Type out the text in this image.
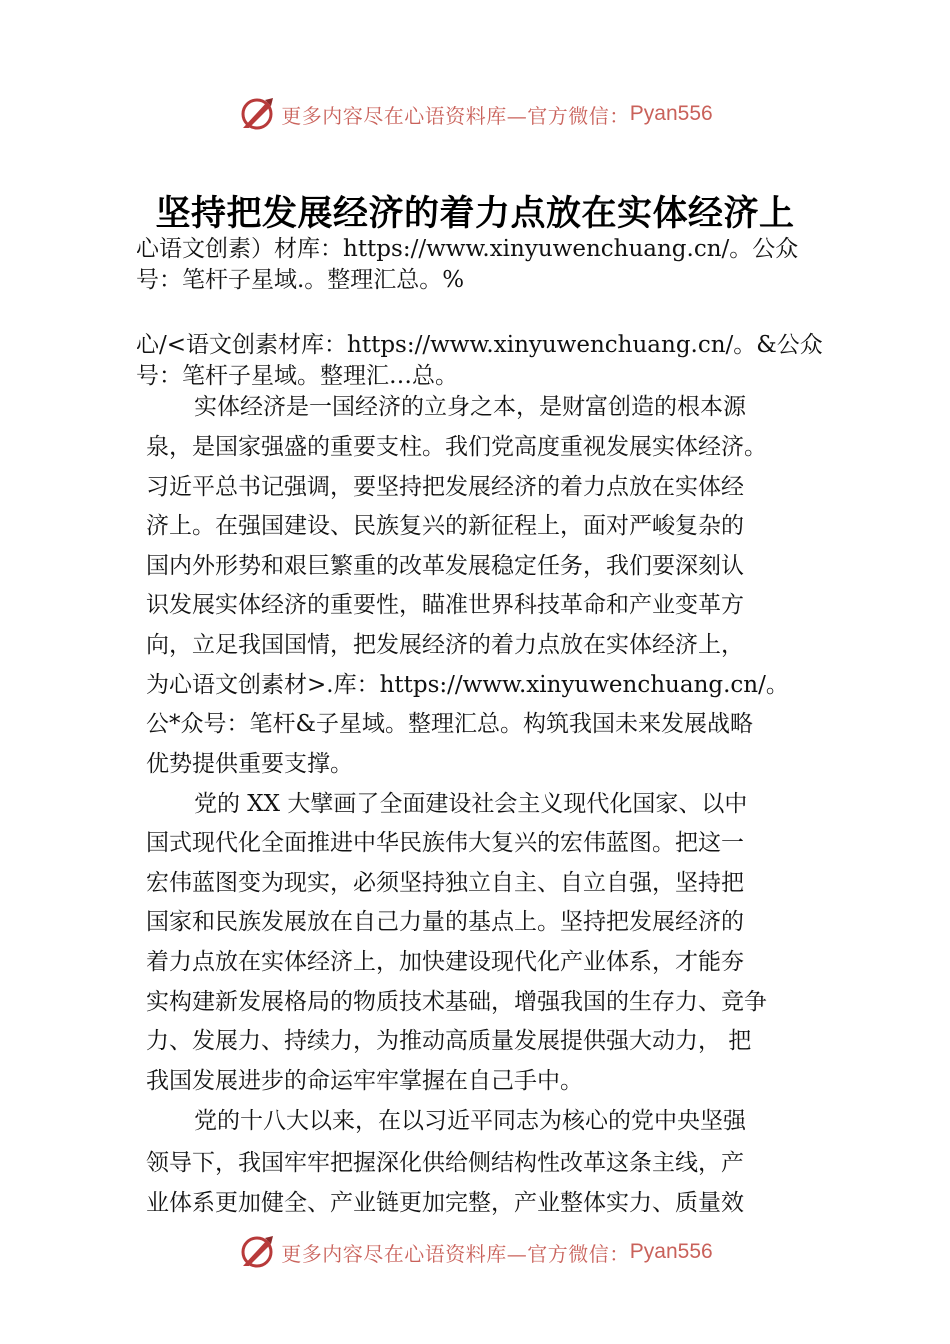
更多内容尽在心语资料库—官方微信： Pyan556
坚持把发展经济的着力点放在实体经济上
心语文创素）材库：https://www.xinyuwenchuang.cn/。公众号：笔杆子星域.。整理汇总。%
心/<语文创素材库：https://www.xinyuwenchuang.cn/。&公众号：笔杆子星域。整理汇…总。
实体经济是一国经济的立身之本，是财富创造的根本源
泉，是国家强盛的重要支柱。我们党高度重视发展实体经济。
习近平总书记强调，要坚持把发展经济的着力点放在实体经
济上。在强国建设、民族复兴的新征程上，面对严峻复杂的
国内外形势和艰巨繁重的改革发展稳定任务，我们要深刻认
识发展实体经济的重要性，瞄准世界科技革命和产业变革方
向，立足我国国情，把发展经济的着力点放在实体经济上，
为心语文创素材>.库：https://www.xinyuwenchuang.cn/。
公*众号：笔杆&子星域。整理汇总。构筑我国未来发展战略
优势提供重要支撑。
党的 XX 大擘画了全面建设社会主义现代化国家、以中
国式现代化全面推进中华民族伟大复兴的宏伟蓝图。把这一
宏伟蓝图变为现实，必须坚持独立自主、自立自强，坚持把
国家和民族发展放在自己力量的基点上。坚持把发展经济的
着力点放在实体经济上，加快建设现代化产业体系，才能夯
实构建新发展格局的物质技术基础，增强我国的生存力、竞争
力、发展力、持续力，为推动高质量发展提供强大动力， 把
我国发展进步的命运牢牢掌握在自己手中。
党的十八大以来，在以习近平同志为核心的党中央坚强
领导下，我国牢牢把握深化供给侧结构性改革这条主线，产
业体系更加健全、产业链更加完整，产业整体实力、质量效
更多内容尽在心语资料库—官方微信： Pyan556
